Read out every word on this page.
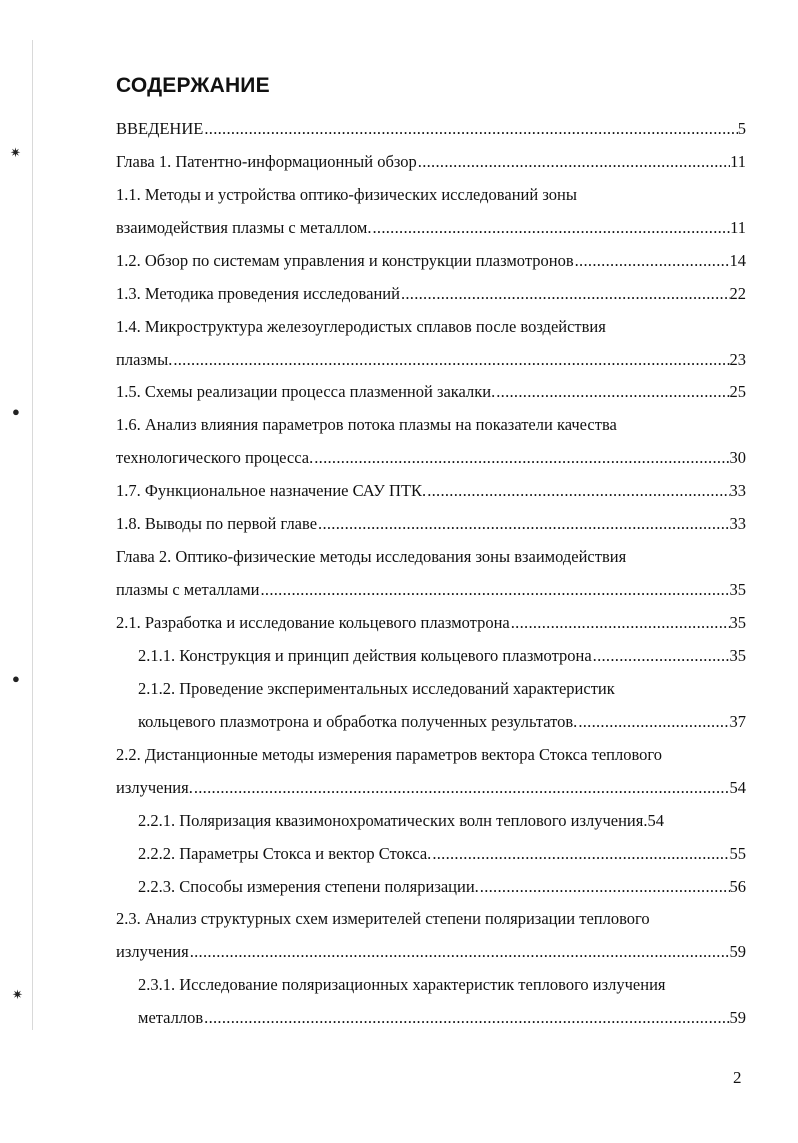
✷
●
●
✷
СОДЕРЖАНИЕ
ВВЕДЕНИЕ .....	5
Глава 1. Патентно-информационный обзор .....	11
1.1. Методы и устройства оптико-физических исследований зоны
взаимодействия плазмы с металлом. .....	11
1.2. Обзор по системам управления и конструкции плазмотронов .....	14
1.3. Методика проведения исследований .....	22
1.4. Микроструктура железоуглеродистых сплавов после воздействия
плазмы. .....	23
1.5. Схемы реализации процесса плазменной закалки. .....	25
1.6. Анализ влияния параметров потока плазмы на показатели качества
технологического процесса. .....	30
1.7. Функциональное назначение САУ ПТК. .....	33
1.8. Выводы по первой главе .....	33
Глава 2. Оптико-физические методы исследования зоны взаимодействия
плазмы с металлами .....	35
2.1. Разработка и исследование кольцевого плазмотрона .....	35
2.1.1. Конструкция и принцип действия кольцевого плазмотрона .....	35
2.1.2. Проведение экспериментальных исследований характеристик
кольцевого плазмотрона и обработка полученных результатов. .....	37
2.2. Дистанционные методы измерения параметров вектора Стокса теплового
излучения. .....	54
2.2.1. Поляризация квазимонохроматических волн теплового излучения. 54
2.2.2. Параметры Стокса и вектор Стокса. .....	55
2.2.3. Способы измерения степени поляризации. .....	56
2.3. Анализ структурных схем измерителей степени поляризации теплового
излучения .....	59
2.3.1. Исследование поляризационных характеристик теплового излучения
металлов .....	59
2
